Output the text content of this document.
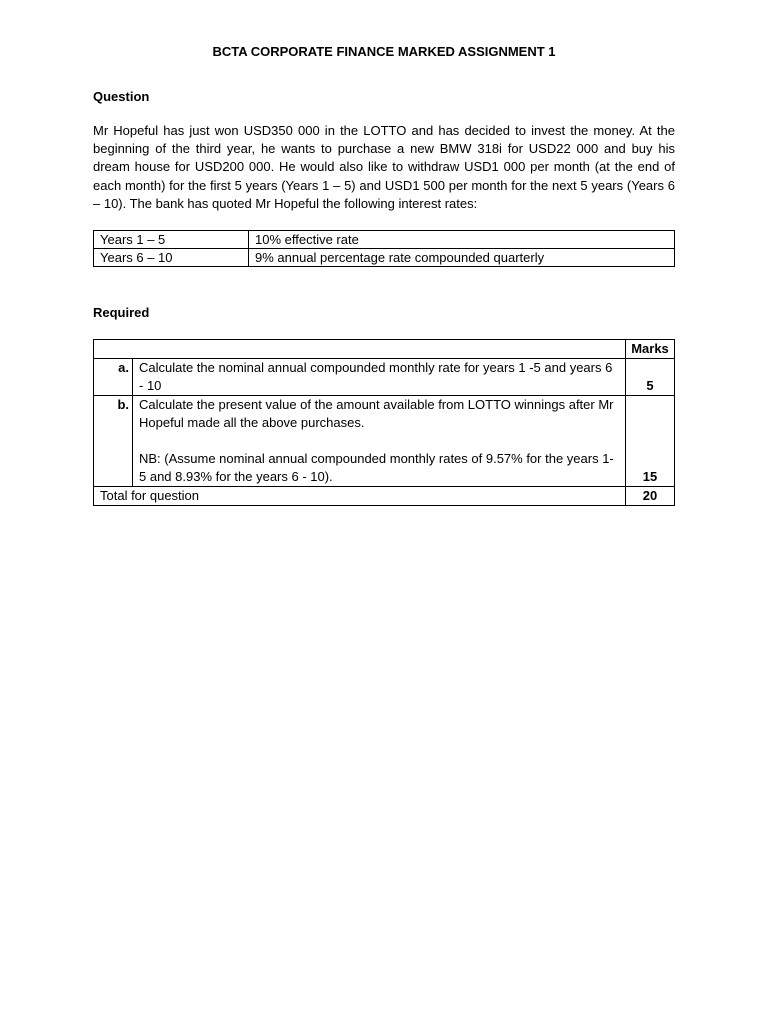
BCTA CORPORATE FINANCE MARKED ASSIGNMENT 1
Question

Mr Hopeful has just won USD350 000 in the LOTTO and has decided to invest the money. At the beginning of the third year, he wants to purchase a new BMW 318i for USD22 000 and buy his dream house for USD200 000. He would also like to withdraw USD1 000 per month (at the end of each month) for the first 5 years (Years 1 – 5) and USD1 500 per month for the next 5 years (Years 6 – 10). The bank has quoted Mr Hopeful the following interest rates:

Years 1 – 5	10% effective rate
Years 6 – 10	9% annual percentage rate compounded quarterly
Required
		Marks
a.	Calculate the nominal annual compounded monthly rate for years 1 -5 and years 6 - 10	5
b.	Calculate the present value of the amount available from LOTTO winnings after Mr Hopeful made all the above purchases.
NB: (Assume nominal annual compounded monthly rates of 9.57% for the years 1-5 and 8.93% for the years 6 - 10).	15
Total for question		20
